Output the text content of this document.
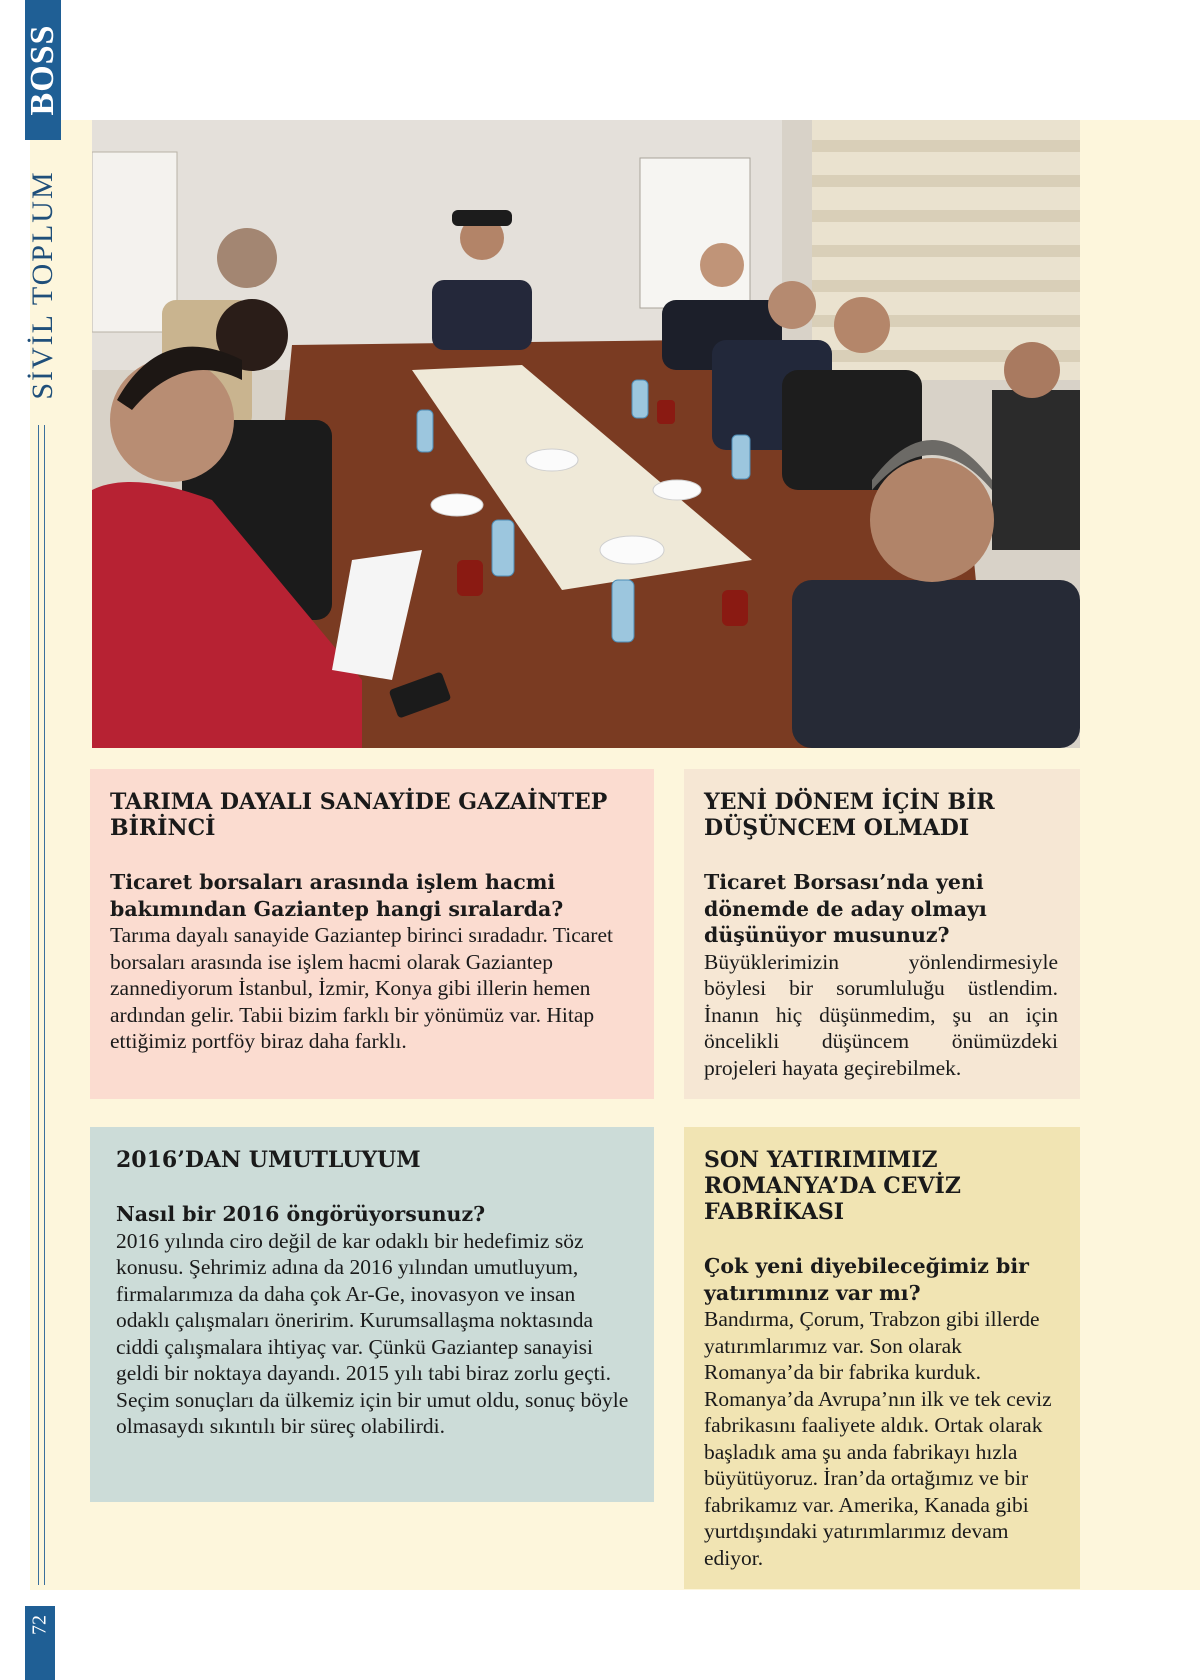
BOSS
SİVİL TOPLUM
72
TARIMA DAYALI SANAYİDE GAZAİNTEP BİRİNCİ

Ticaret borsaları arasında işlem hacmi bakımından Gaziantep hangi sıralarda?

Tarıma dayalı sanayide Gaziantep birinci sıradadır. Ticaret borsaları arasında ise işlem hacmi olarak Gaziantep zannediyorum İstanbul, İzmir, Konya gibi illerin hemen ardından gelir. Tabii bizim farklı bir yönümüz var. Hitap ettiğimiz portföy biraz daha farklı.

YENİ DÖNEM İÇİN BİR DÜŞÜNCEM OLMADI

Ticaret Borsası’nda yeni dönemde de aday olmayı düşünüyor musunuz?

Büyüklerimizin yönlendirmesiyle böylesi bir sorumluluğu üstlendim. İnanın hiç düşünmedim, şu an için öncelikli düşüncem önümüzdeki projeleri hayata geçirebilmek.

2016’DAN UMUTLUYUM

Nasıl bir 2016 öngörüyorsunuz?

2016 yılında ciro değil de kar odaklı bir hedefimiz söz konusu. Şehrimiz adına da 2016 yılından umutluyum, firmalarımıza da daha çok Ar-Ge, inovasyon ve insan odaklı çalışmaları öneririm. Kurumsallaşma noktasında ciddi çalışmalara ihtiyaç var. Çünkü Gaziantep sanayisi geldi bir noktaya dayandı. 2015 yılı tabi biraz zorlu geçti. Seçim sonuçları da ülkemiz için bir umut oldu, sonuç böyle olmasaydı sıkıntılı bir süreç olabilirdi.

SON YATIRIMIMIZ ROMANYA’DA CEVİZ FABRİKASI

Çok yeni diyebileceğimiz bir yatırımınız var mı?

Bandırma, Çorum, Trabzon gibi illerde yatırımlarımız var. Son olarak Romanya’da bir fabrika kurduk. Romanya’da Avrupa’nın ilk ve tek ceviz fabrikasını faaliyete aldık. Ortak olarak başladık ama şu anda fabrikayı hızla büyütüyoruz. İran’da ortağımız ve bir fabrikamız var. Amerika, Kanada gibi yurtdışındaki yatırımlarımız devam ediyor.
